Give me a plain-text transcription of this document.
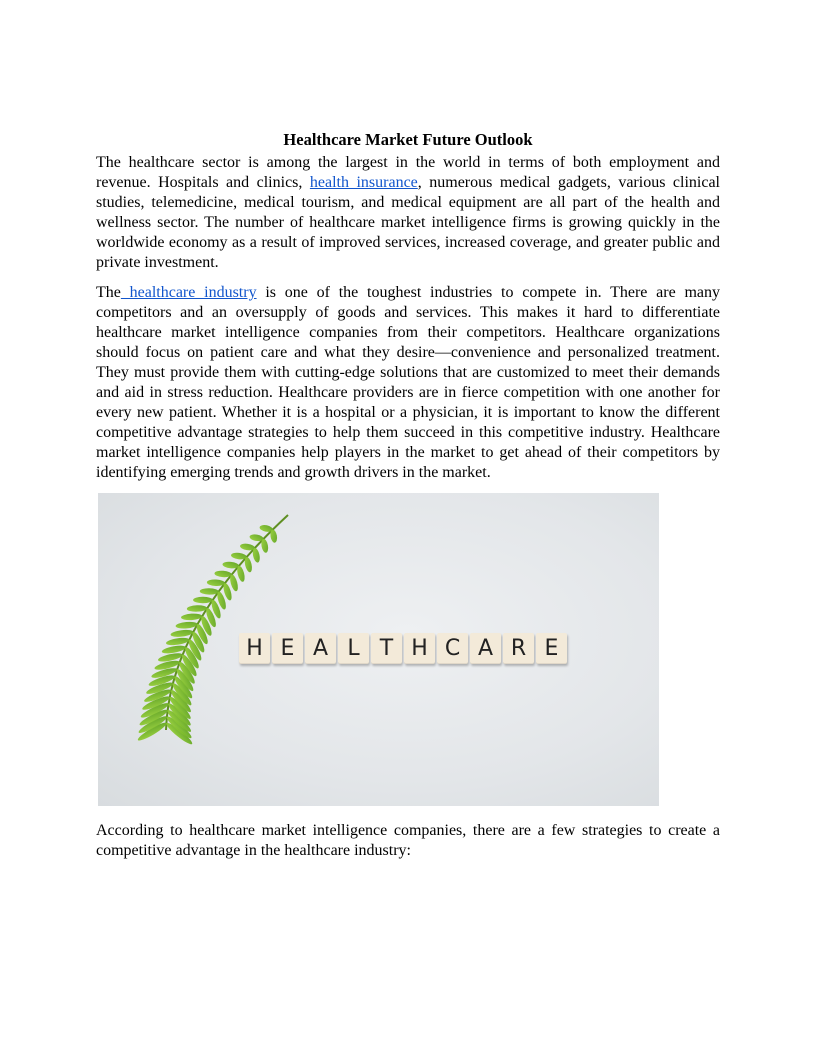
Healthcare Market Future Outlook

The healthcare sector is among the largest in the world in terms of both employment and revenue. Hospitals and clinics, health insurance, numerous medical gadgets, various clinical studies, telemedicine, medical tourism, and medical equipment are all part of the health and wellness sector. The number of healthcare market intelligence firms is growing quickly in the worldwide economy as a result of improved services, increased coverage, and greater public and private investment.

The healthcare industry is one of the toughest industries to compete in. There are many competitors and an oversupply of goods and services. This makes it hard to differentiate healthcare market intelligence companies from their competitors. Healthcare organizations should focus on patient care and what they desire—convenience and personalized treatment. They must provide them with cutting-edge solutions that are customized to meet their demands and aid in stress reduction. Healthcare providers are in fierce competition with one another for every new patient. Whether it is a hospital or a physician, it is important to know the different competitive advantage strategies to help them succeed in this competitive industry. Healthcare market intelligence companies help players in the market to get ahead of their competitors by identifying emerging trends and growth drivers in the market.

H E A L T H C A R E

According to healthcare market intelligence companies, there are a few strategies to create a competitive advantage in the healthcare industry:
